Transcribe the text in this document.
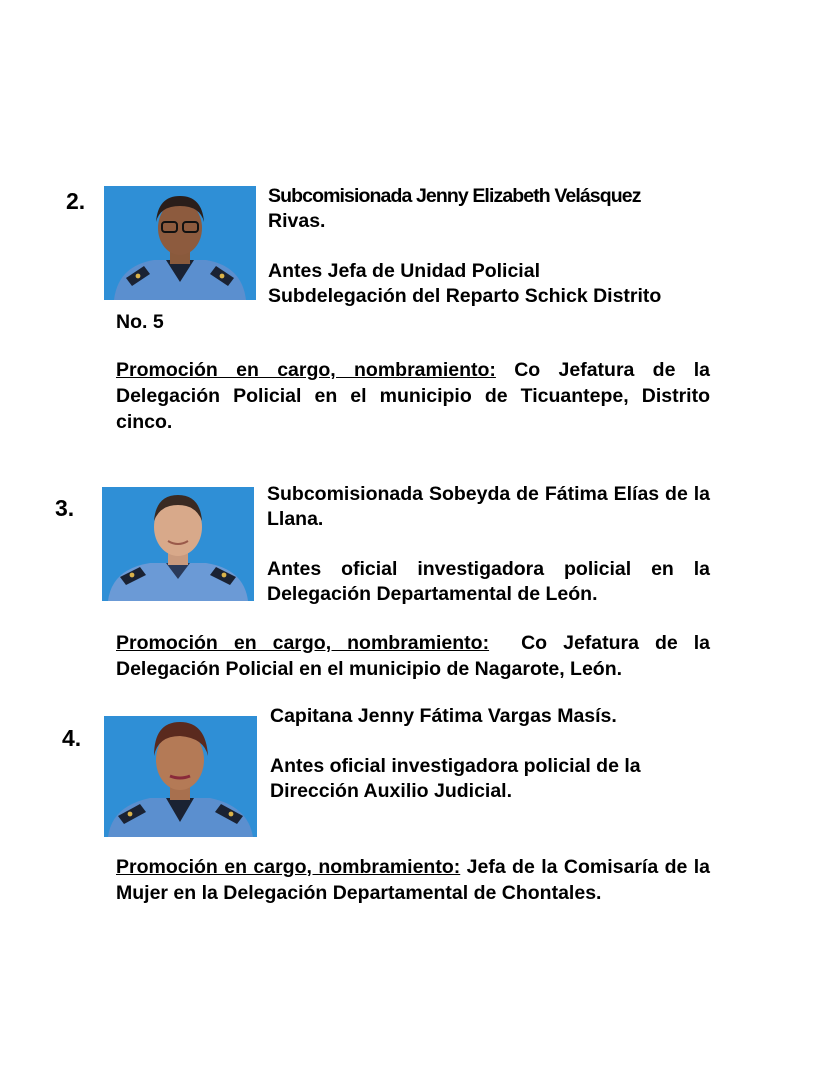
2.	Subcomisionada Jenny Elizabeth Velásquez

Rivas.

Antes Jefa de Unidad Policial

Subdelegación del Reparto Schick Distrito

No. 5

Promoción en cargo, nombramiento: Co Jefatura de la Delegación Policial en el municipio de Ticuantepe, Distrito cinco.

3.

Subcomisionada Sobeyda de Fátima Elías de la Llana.

Antes oficial investigadora policial en la Delegación Departamental de León.

Promoción en cargo, nombramiento:  Co Jefatura de la Delegación Policial en el municipio de Nagarote, León.

4.

Capitana Jenny Fátima Vargas Masís.

Antes oficial investigadora policial de la

Dirección Auxilio Judicial.

Promoción en cargo, nombramiento: Jefa de la Comisaría de la Mujer en la Delegación Departamental de Chontales.
